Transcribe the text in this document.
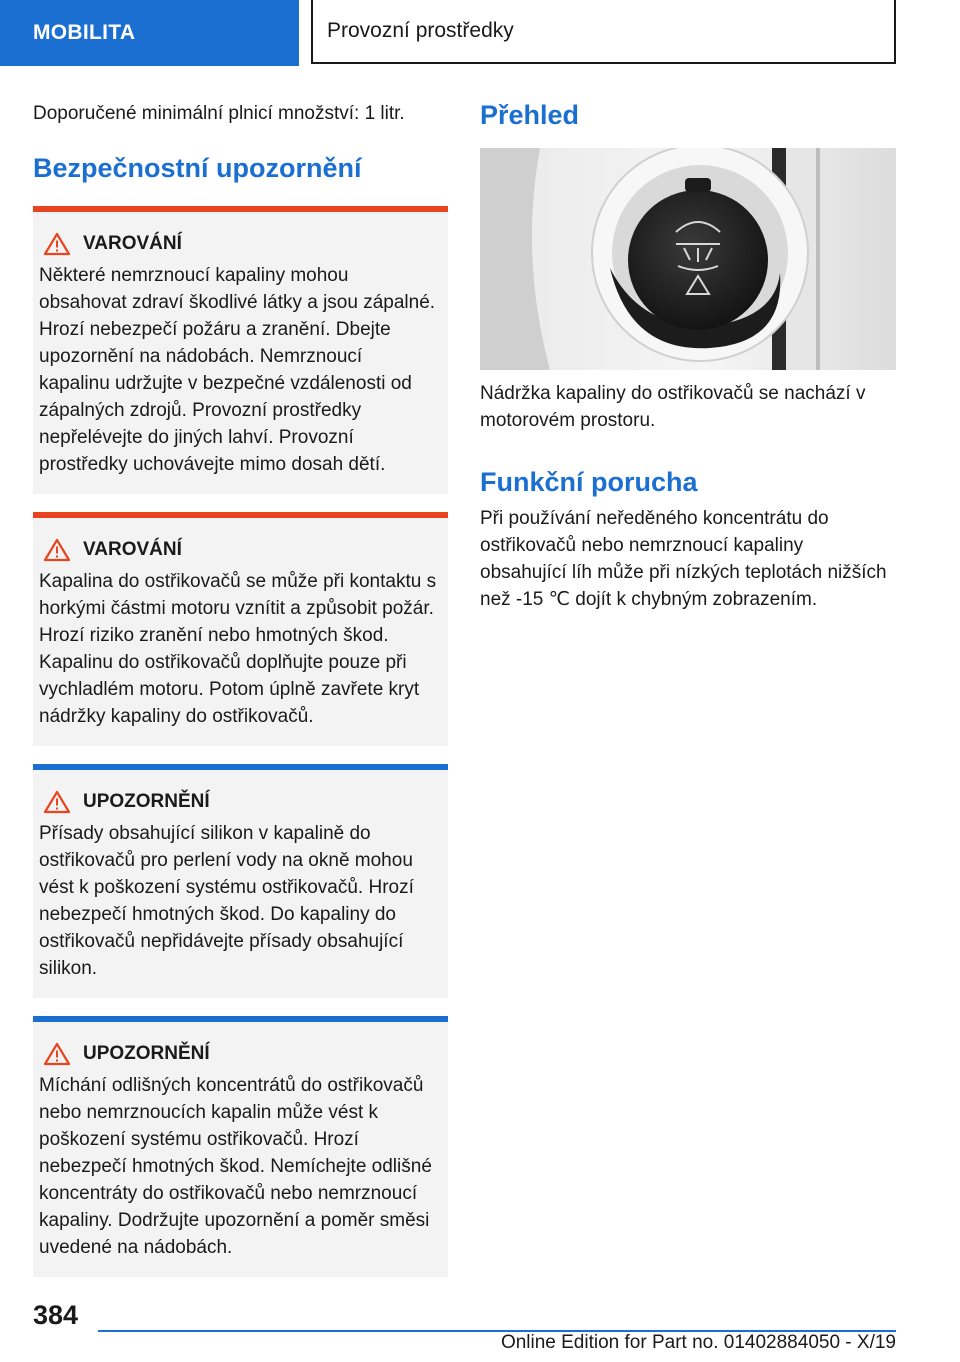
MOBILITA	Provozní prostředky

Doporučené minimální plnicí množství: 1 litr.

Bezpečnostní upozornění
VAROVÁNÍ
Některé nemrznoucí kapaliny mohou obsahovat zdraví škodlivé látky a jsou zápalné. Hrozí nebezpečí požáru a zranění. Dbejte upozornění na nádobách. Nemrznoucí kapalinu udržujte v bezpečné vzdálenosti od zápalných zdrojů. Provozní prostředky nepřelévejte do jiných lahví. Provozní prostředky uchovávejte mimo dosah dětí.
VAROVÁNÍ
Kapalina do ostřikovačů se může při kontaktu s horkými částmi motoru vznítit a způsobit požár. Hrozí riziko zranění nebo hmotných škod. Kapalinu do ostřikovačů doplňujte pouze při vychladlém motoru. Potom úplně zavřete kryt nádržky kapaliny do ostřikovačů.
UPOZORNĚNÍ
Přísady obsahující silikon v kapalině do ostřikovačů pro perlení vody na okně mohou vést k poškození systému ostřikovačů. Hrozí nebezpečí hmotných škod. Do kapaliny do ostřikovačů nepřidávejte přísady obsahující silikon.
UPOZORNĚNÍ
Míchání odlišných koncentrátů do ostřikovačů nebo nemrznoucích kapalin může vést k poškození systému ostřikovačů. Hrozí nebezpečí hmotných škod. Nemíchejte odlišné koncentráty do ostřikovačů nebo nemrznoucí kapaliny. Dodržujte upozornění a poměr směsi uvedené na nádobách.
Přehled

Nádržka kapaliny do ostřikovačů se nachází v motorovém prostoru.

Funkční porucha

Při používání neředěného koncentrátu do ostřikovačů nebo nemrznoucí kapaliny obsahující líh může při nízkých teplotách nižších než -15 ℃ dojít k chybným zobrazením.

384
Online Edition for Part no. 01402884050 - X/19
